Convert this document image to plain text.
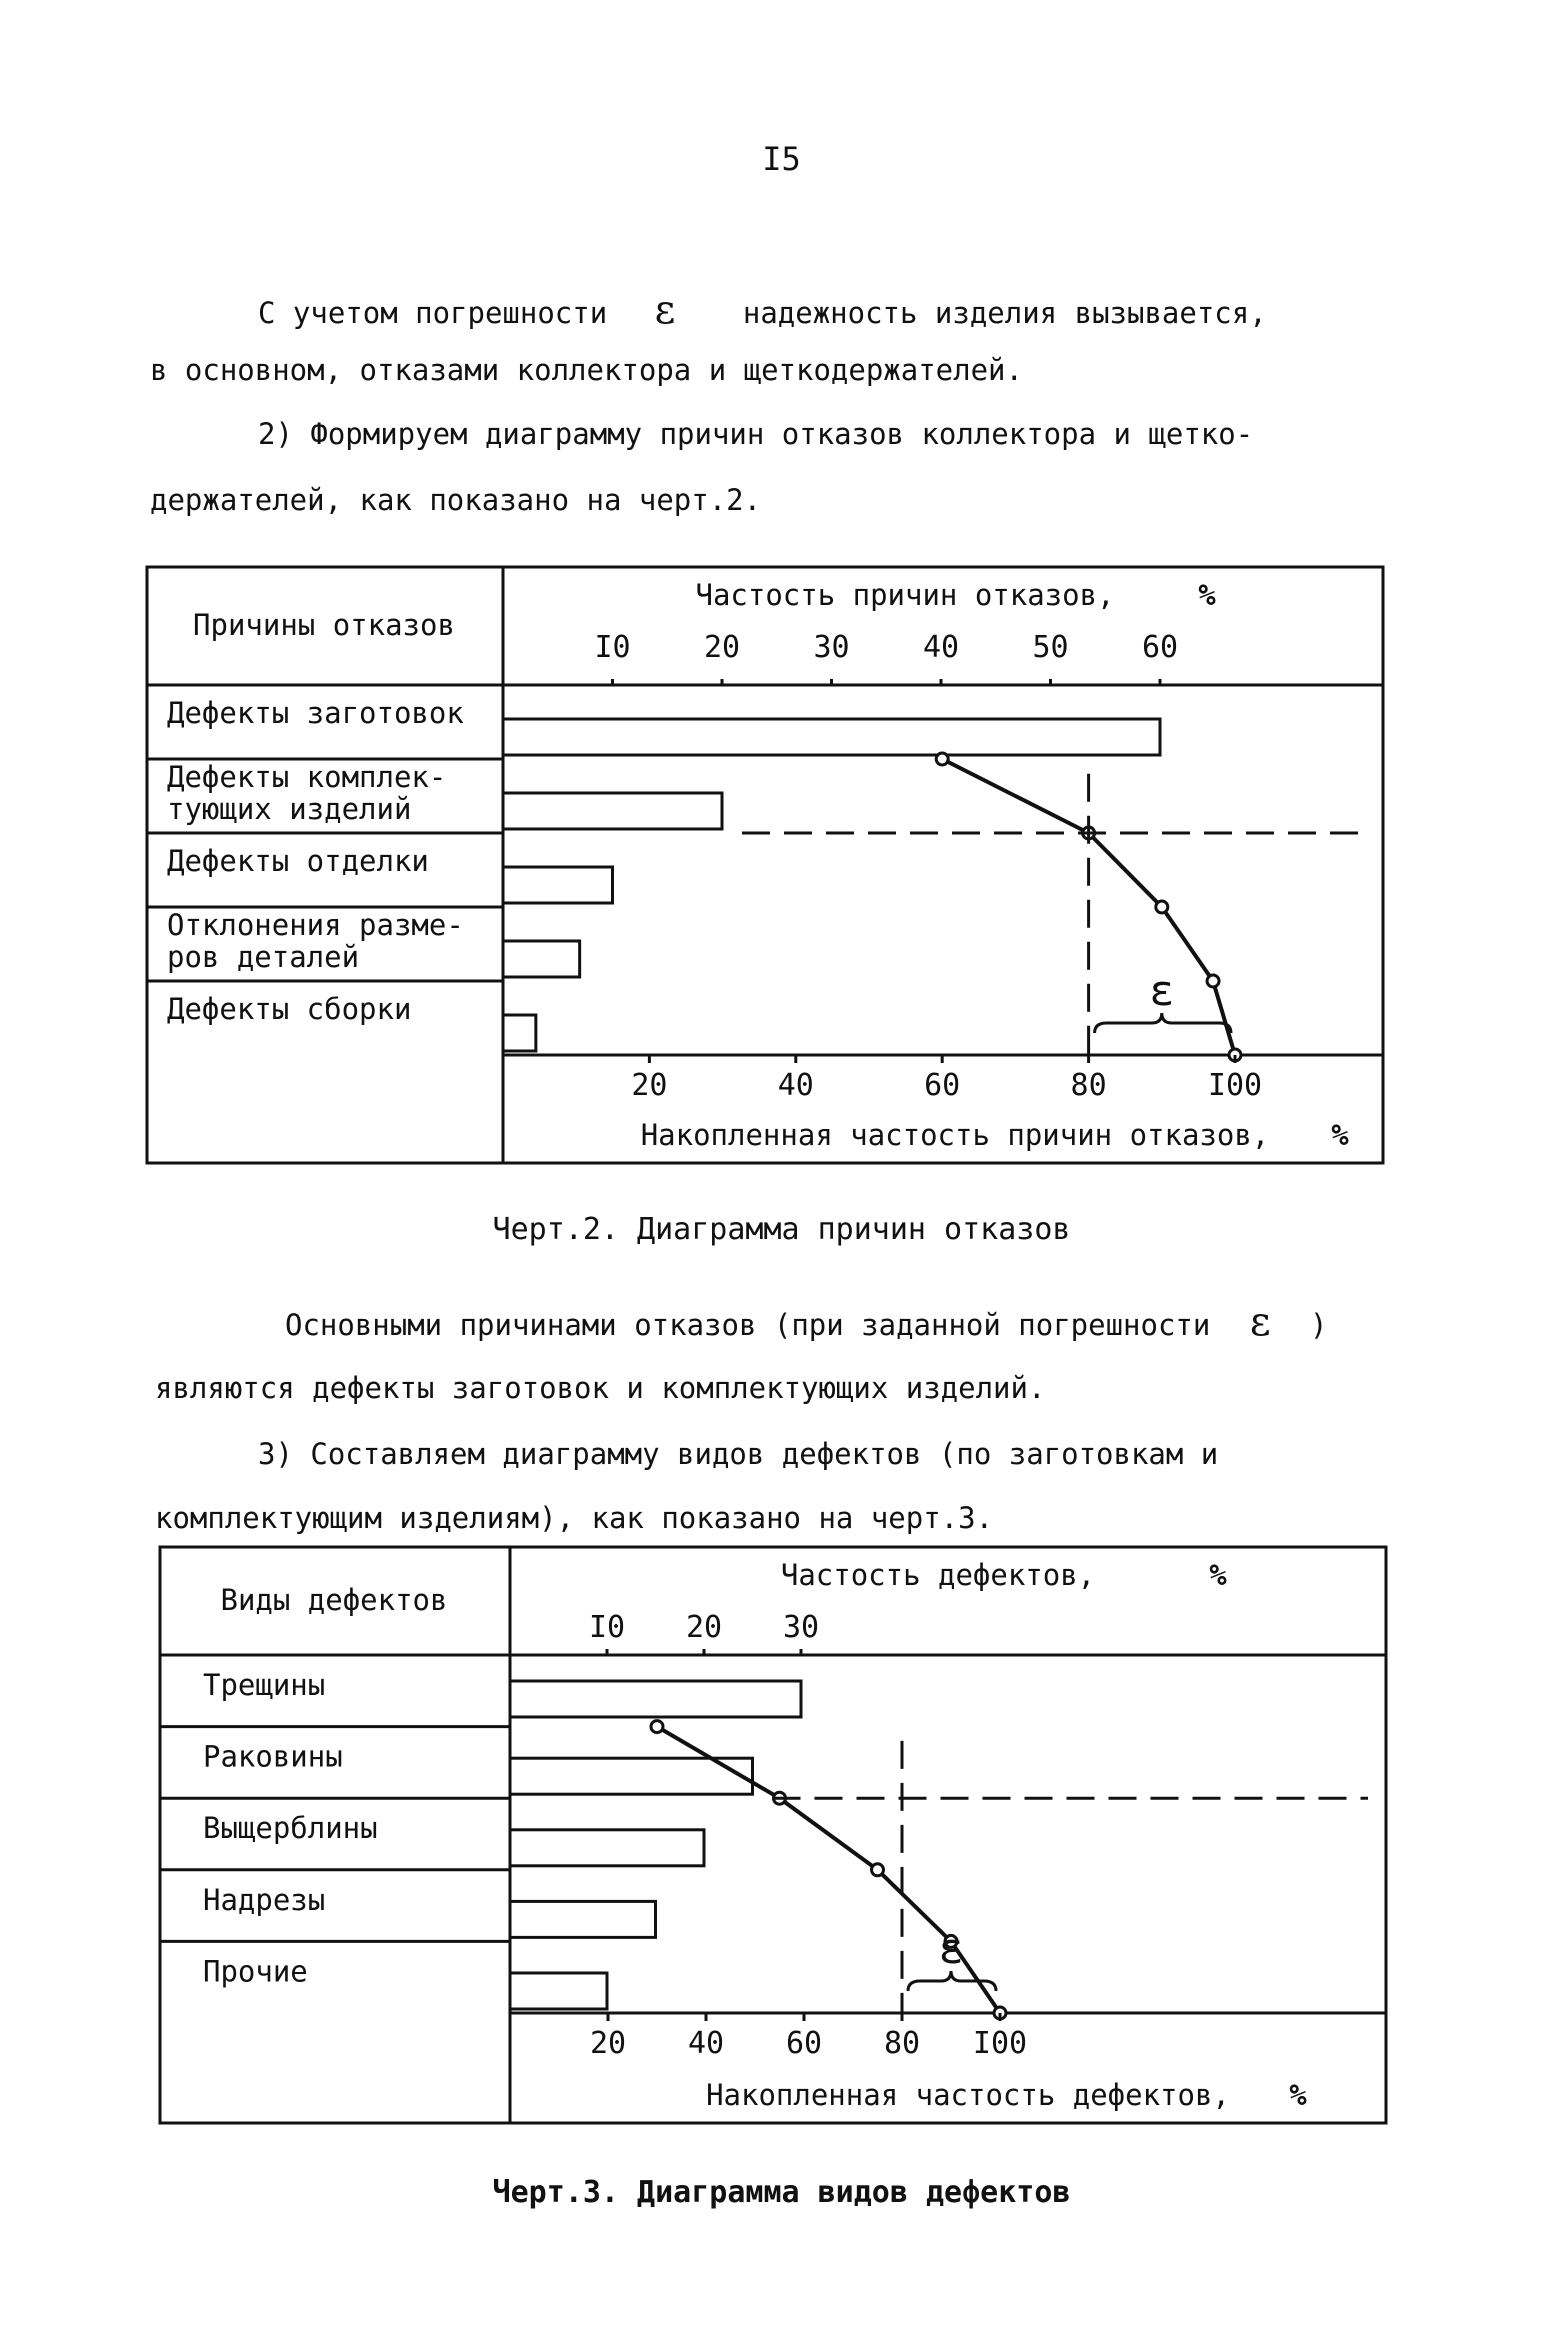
I5

С учетом погрешности ε надежность изделия вызывается,

в основном, отказами коллектора и щеткодержателей.

2) Формируем диаграмму причин отказов коллектора и щетко-

держателей, как показано на черт.2.

Причины отказов
Частость причин отказов,	%
I0 20 30 40 50 60
Дефекты заготовок
Дефекты комплек-
тующих изделий
Дефекты отделки
Отклонения разме-
ров деталей
Дефекты сборки	ε
20	40	60	80	I00
Накопленная частость причин отказов, %
Черт.2. Диаграмма причин отказов

Основными причинами отказов (при заданной погрешности ε )

являются дефекты заготовок и комплектующих изделий.

3) Составляем диаграмму видов дефектов (по заготовкам и

комплектующим изделиям), как показано на черт.3.

Виды дефектов
Частость дефектов,	%
I0 20 30
Трещины
Раковины
Выщерблины
Надрезы
Прочие	ε
20 40 60 80 I00
Накопленная частость дефектов, %
Черт.3. Диаграмма видов дефектов
